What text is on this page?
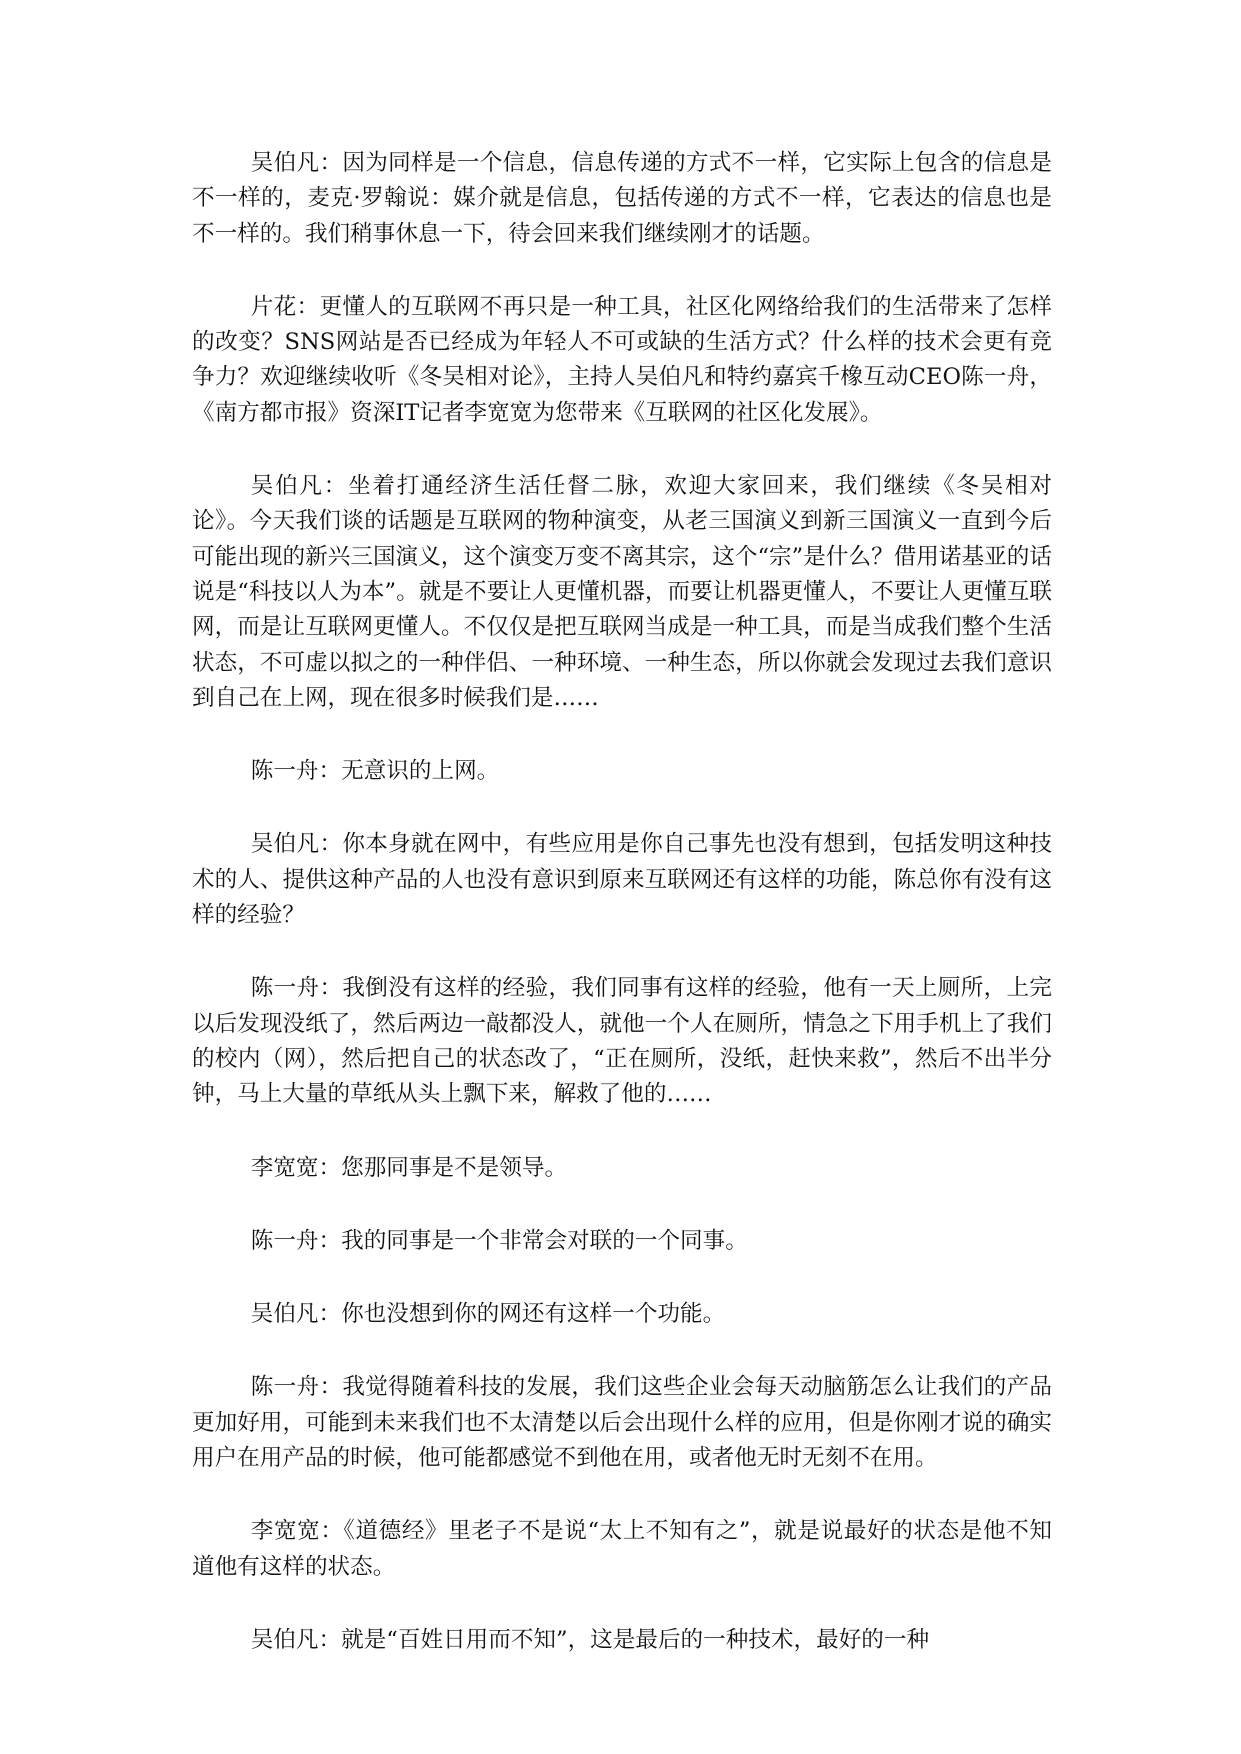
吴伯凡：因为同样是一个信息，信息传递的方式不一样，它实际上包含的信息是不一样的，麦克·罗翰说：媒介就是信息，包括传递的方式不一样，它表达的信息也是不一样的。我们稍事休息一下，待会回来我们继续刚才的话题。

片花：更懂人的互联网不再只是一种工具，社区化网络给我们的生活带来了怎样的改变？SNS网站是否已经成为年轻人不可或缺的生活方式？什么样的技术会更有竞争力？欢迎继续收听《冬吴相对论》，主持人吴伯凡和特约嘉宾千橡互动CEO陈一舟，《南方都市报》资深IT记者李宽宽为您带来《互联网的社区化发展》。

吴伯凡：坐着打通经济生活任督二脉，欢迎大家回来，我们继续《冬吴相对论》。今天我们谈的话题是互联网的物种演变，从老三国演义到新三国演义一直到今后可能出现的新兴三国演义，这个演变万变不离其宗，这个“宗”是什么？借用诺基亚的话说是“科技以人为本”。就是不要让人更懂机器，而要让机器更懂人，不要让人更懂互联网，而是让互联网更懂人。不仅仅是把互联网当成是一种工具，而是当成我们整个生活状态，不可虚以拟之的一种伴侣、一种环境、一种生态，所以你就会发现过去我们意识到自己在上网，现在很多时候我们是……

陈一舟：无意识的上网。

吴伯凡：你本身就在网中，有些应用是你自己事先也没有想到，包括发明这种技术的人、提供这种产品的人也没有意识到原来互联网还有这样的功能，陈总你有没有这样的经验？

陈一舟：我倒没有这样的经验，我们同事有这样的经验，他有一天上厕所，上完以后发现没纸了，然后两边一敲都没人，就他一个人在厕所，情急之下用手机上了我们的校内（网），然后把自己的状态改了，“正在厕所，没纸，赶快来救”，然后不出半分钟，马上大量的草纸从头上飘下来，解救了他的……

李宽宽：您那同事是不是领导。

陈一舟：我的同事是一个非常会对联的一个同事。

吴伯凡：你也没想到你的网还有这样一个功能。

陈一舟：我觉得随着科技的发展，我们这些企业会每天动脑筋怎么让我们的产品更加好用，可能到未来我们也不太清楚以后会出现什么样的应用，但是你刚才说的确实用户在用产品的时候，他可能都感觉不到他在用，或者他无时无刻不在用。

李宽宽：《道德经》里老子不是说“太上不知有之”，就是说最好的状态是他不知道他有这样的状态。

吴伯凡：就是“百姓日用而不知”，这是最后的一种技术，最好的一种
